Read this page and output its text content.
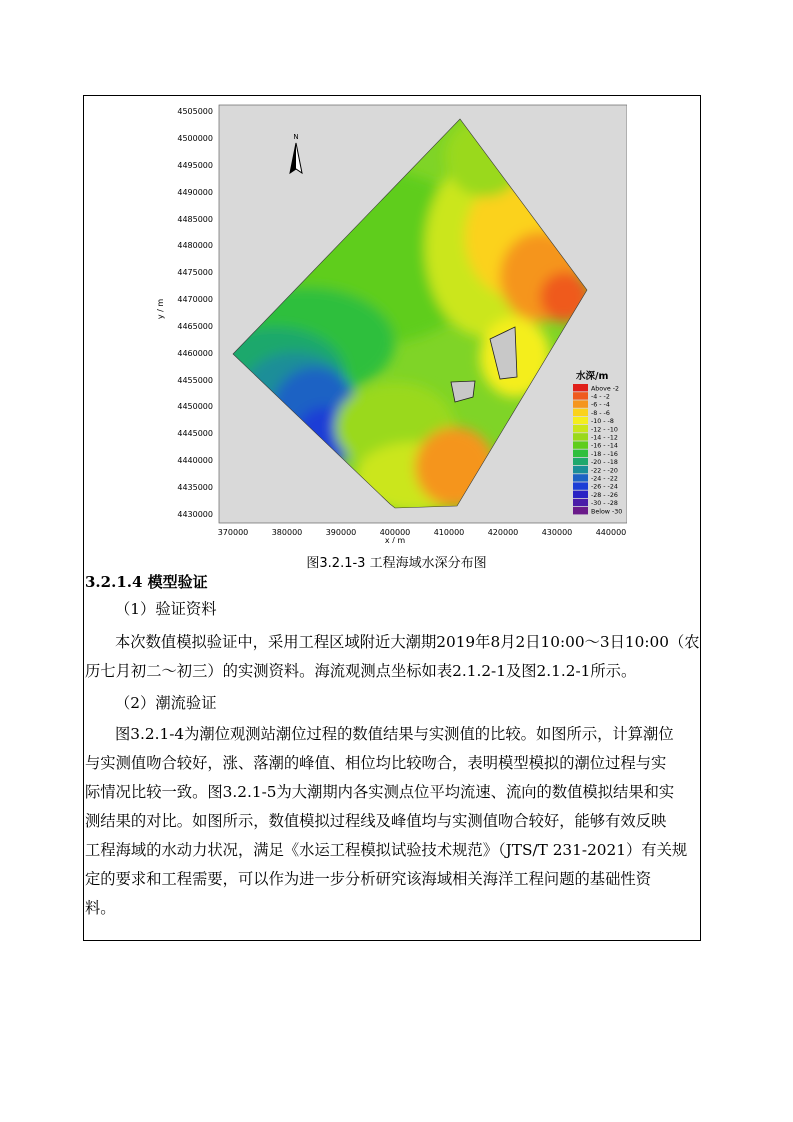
4505000
4500000
4495000
4490000
4485000
4480000
4475000
4470000
4465000
4460000
4455000
4450000
4445000
4440000
4435000
4430000
370000	380000	390000	400000	410000	420000	430000	440000
x / m
y / m
N
水深/m
Above -2
-4 - -2
-6 - -4
-8 - -6
-10 - -8
-12 - -10
-14 - -12
-16 - -14
-18 - -16
-20 - -18
-22 - -20
-24 - -22
-26 - -24
-28 - -26
-30 - -28
Below -30
图3.2.1-3 工程海域水深分布图
3.2.1.4 模型验证
（1）验证资料
本次数值模拟验证中，采用工程区域附近大潮期2019年8月2日10:00～3日10:00（农
历七月初二～初三）的实测资料。海流观测点坐标如表2.1.2-1及图2.1.2-1所示。
（2）潮流验证
图3.2.1-4为潮位观测站潮位过程的数值结果与实测值的比较。如图所示，计算潮位
与实测值吻合较好，涨、落潮的峰值、相位均比较吻合，表明模型模拟的潮位过程与实
际情况比较一致。图3.2.1-5为大潮期内各实测点位平均流速、流向的数值模拟结果和实
测结果的对比。如图所示，数值模拟过程线及峰值均与实测值吻合较好，能够有效反映
工程海域的水动力状况，满足《水运工程模拟试验技术规范》（JTS/T 231-2021）有关规
定的要求和工程需要，可以作为进一步分析研究该海域相关海洋工程问题的基础性资
料。
